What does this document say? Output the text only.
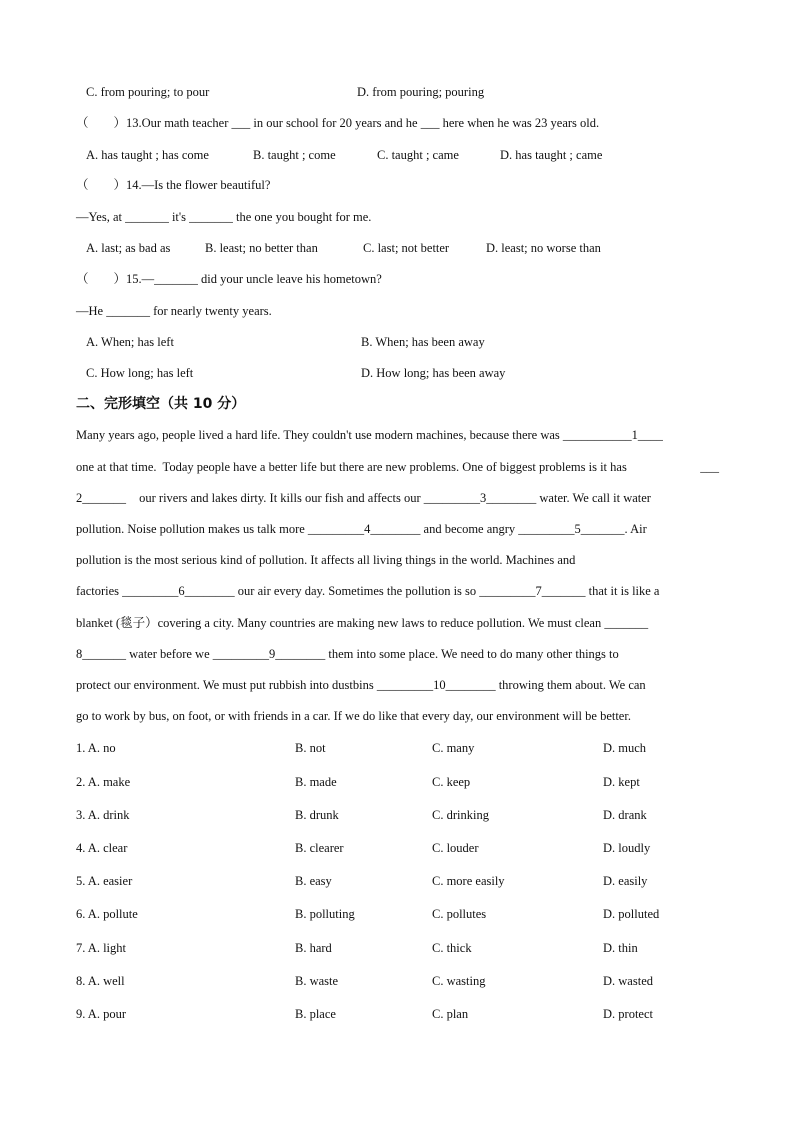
C. from pouring; to pour	D. from pouring; pouring
（　　）13.Our math teacher ___ in our school for 20 years and he ___ here when he was 23 years old.
A. has taught ; has come	B. taught ; come	C. taught ; came	D. has taught ; came
（　　）14.—Is the flower beautiful?
—Yes, at _______ it's _______ the one you bought for me.
A. last; as bad as	B. least; no better than	C. last; not better	D. least; no worse than
（　　）15.—_______ did your uncle leave his hometown?
—He _______ for nearly twenty years.
A. When; has left	B. When; has been away
C. How long; has left	D. How long; has been away
二、完形填空（共 10 分）
Many years ago, people lived a hard life. They couldn't use modern machines, because there was ___________1____
one at that time.  Today people have a better life but there are new problems. One of biggest problems is it has	___
2_______ our rivers and lakes dirty. It kills our fish and affects our _________3________ water. We call it water
pollution. Noise pollution makes us talk more _________4________ and become angry _________5_______. Air
pollution is the most serious kind of pollution. It affects all living things in the world. Machines and
factories _________6________ our air every day. Sometimes the pollution is so _________7_______ that it is like a
blanket (毯子）covering a city. Many countries are making new laws to reduce pollution. We must clean _______
8_______ water before we _________9________ them into some place. We need to do many other things to
protect our environment. We must put rubbish into dustbins _________10________ throwing them about. We can
go to work by bus, on foot, or with friends in a car. If we do like that every day, our environment will be better.
1. A. no	B. not	C. many	D. much
2. A. make	B. made	C. keep	D. kept
3. A. drink	B. drunk	C. drinking	D. drank
4. A. clear	B. clearer	C. louder	D. loudly
5. A. easier	B. easy	C. more easily	D. easily
6. A. pollute	B. polluting	C. pollutes	D. polluted
7. A. light	B. hard	C. thick	D. thin
8. A. well	B. waste	C. wasting	D. wasted
9. A. pour	B. place	C. plan	D. protect
